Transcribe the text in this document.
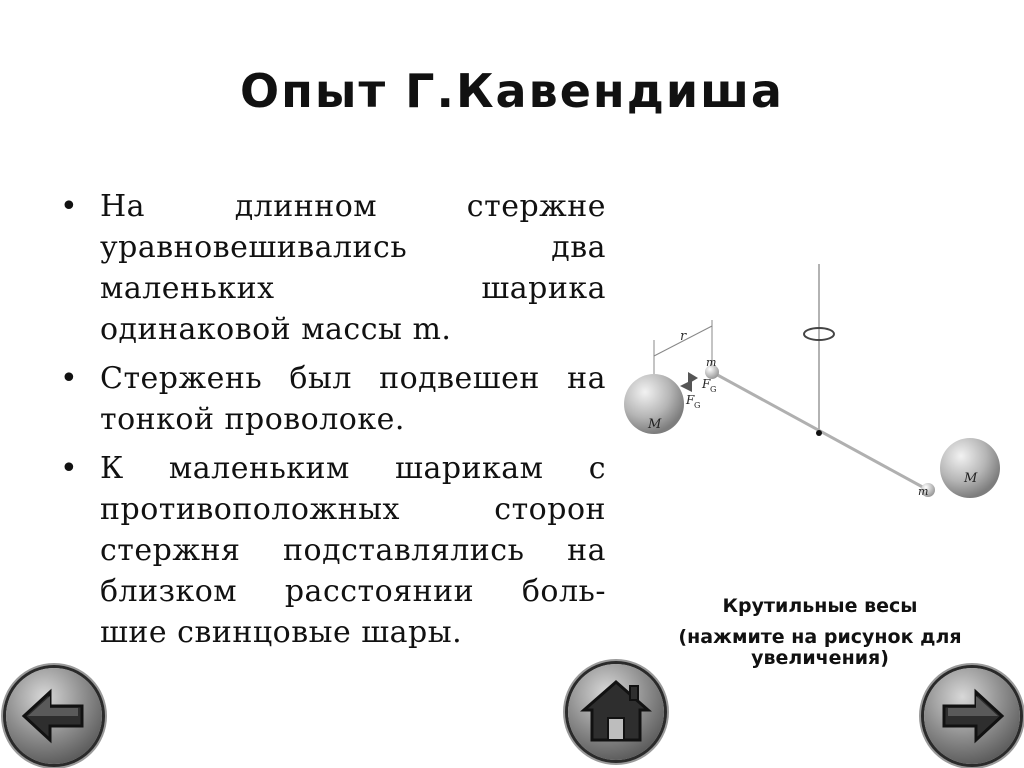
Опыт Г.Кавендиша
• На длинном стержне
уравновешивались два
маленьких шарика
одинаковой массы m.
• Стержень был подвешен на
тонкой проволоке.
• К маленьким шарикам с
противоположных сторон
стержня подставлялись на
близком расстоянии боль-
шие свинцовые шары.
r
M
m
F G
F G
M
m
Крутильные весы
(нажмите на рисунок для увеличения)
